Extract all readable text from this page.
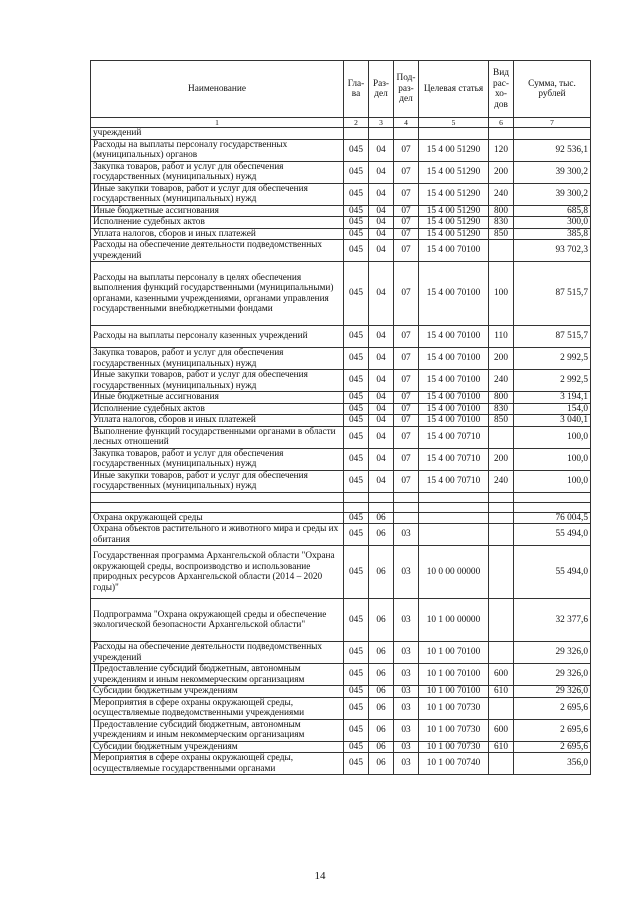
Наименование	Гла-ва	Раз-дел	Под-раз-дел	Целевая статья	Вид рас-хо-дов	Сумма, тыс. рублей
1	2	3	4	5	6	7
учреждений						
Расходы на выплаты персоналу государственных (муниципальных) органов	045	04	07	15 4 00 51290	120	92 536,1
Закупка товаров, работ и услуг для обеспечения государственных (муниципальных) нужд	045	04	07	15 4 00 51290	200	39 300,2
Иные закупки товаров, работ и услуг для обеспечения государственных (муниципальных) нужд	045	04	07	15 4 00 51290	240	39 300,2
Иные бюджетные ассигнования	045	04	07	15 4 00 51290	800	685,8
Исполнение судебных актов	045	04	07	15 4 00 51290	830	300,0
Уплата налогов, сборов и иных платежей	045	04	07	15 4 00 51290	850	385,8
Расходы на обеспечение деятельности подведомственных учреждений	045	04	07	15 4 00 70100		93 702,3
Расходы на выплаты персоналу в целях обеспечения выполнения функций государственными (муниципальными) органами, казенными учреждениями, органами управления государственными внебюджетными фондами	045	04	07	15 4 00 70100	100	87 515,7
Расходы на выплаты персоналу казенных учреждений	045	04	07	15 4 00 70100	110	87 515,7
Закупка товаров, работ и услуг для обеспечения государственных (муниципальных) нужд	045	04	07	15 4 00 70100	200	2 992,5
Иные закупки товаров, работ и услуг для обеспечения государственных (муниципальных) нужд	045	04	07	15 4 00 70100	240	2 992,5
Иные бюджетные ассигнования	045	04	07	15 4 00 70100	800	3 194,1
Исполнение судебных актов	045	04	07	15 4 00 70100	830	154,0
Уплата налогов, сборов и иных платежей	045	04	07	15 4 00 70100	850	3 040,1
Выполнение функций государственными органами в области лесных отношений	045	04	07	15 4 00 70710		100,0
Закупка товаров, работ и услуг для обеспечения государственных (муниципальных) нужд	045	04	07	15 4 00 70710	200	100,0
Иные закупки товаров, работ и услуг для обеспечения государственных (муниципальных) нужд	045	04	07	15 4 00 70710	240	100,0

Охрана окружающей среды	045	06				76 004,5
Охрана объектов растительного и животного мира и среды их обитания	045	06	03			55 494,0
Государственная программа Архангельской области "Охрана окружающей среды, воспроизводство и использование природных ресурсов Архангельской области (2014 – 2020 годы)"	045	06	03	10 0 00 00000		55 494,0
Подпрограмма "Охрана окружающей среды и обеспечение экологической безопасности Архангельской области"	045	06	03	10 1 00 00000		32 377,6
Расходы на обеспечение деятельности подведомственных учреждений	045	06	03	10 1 00 70100		29 326,0
Предоставление субсидий бюджетным, автономным учреждениям и иным некоммерческим организациям	045	06	03	10 1 00 70100	600	29 326,0
Субсидии бюджетным учреждениям	045	06	03	10 1 00 70100	610	29 326,0
Мероприятия в сфере охраны окружающей среды, осуществляемые подведомственными учреждениями	045	06	03	10 1 00 70730		2 695,6
Предоставление субсидий бюджетным, автономным учреждениям и иным некоммерческим организациям	045	06	03	10 1 00 70730	600	2 695,6
Субсидии бюджетным учреждениям	045	06	03	10 1 00 70730	610	2 695,6
Мероприятия в сфере охраны окружающей среды, осуществляемые государственными органами	045	06	03	10 1 00 70740		356,0
14
